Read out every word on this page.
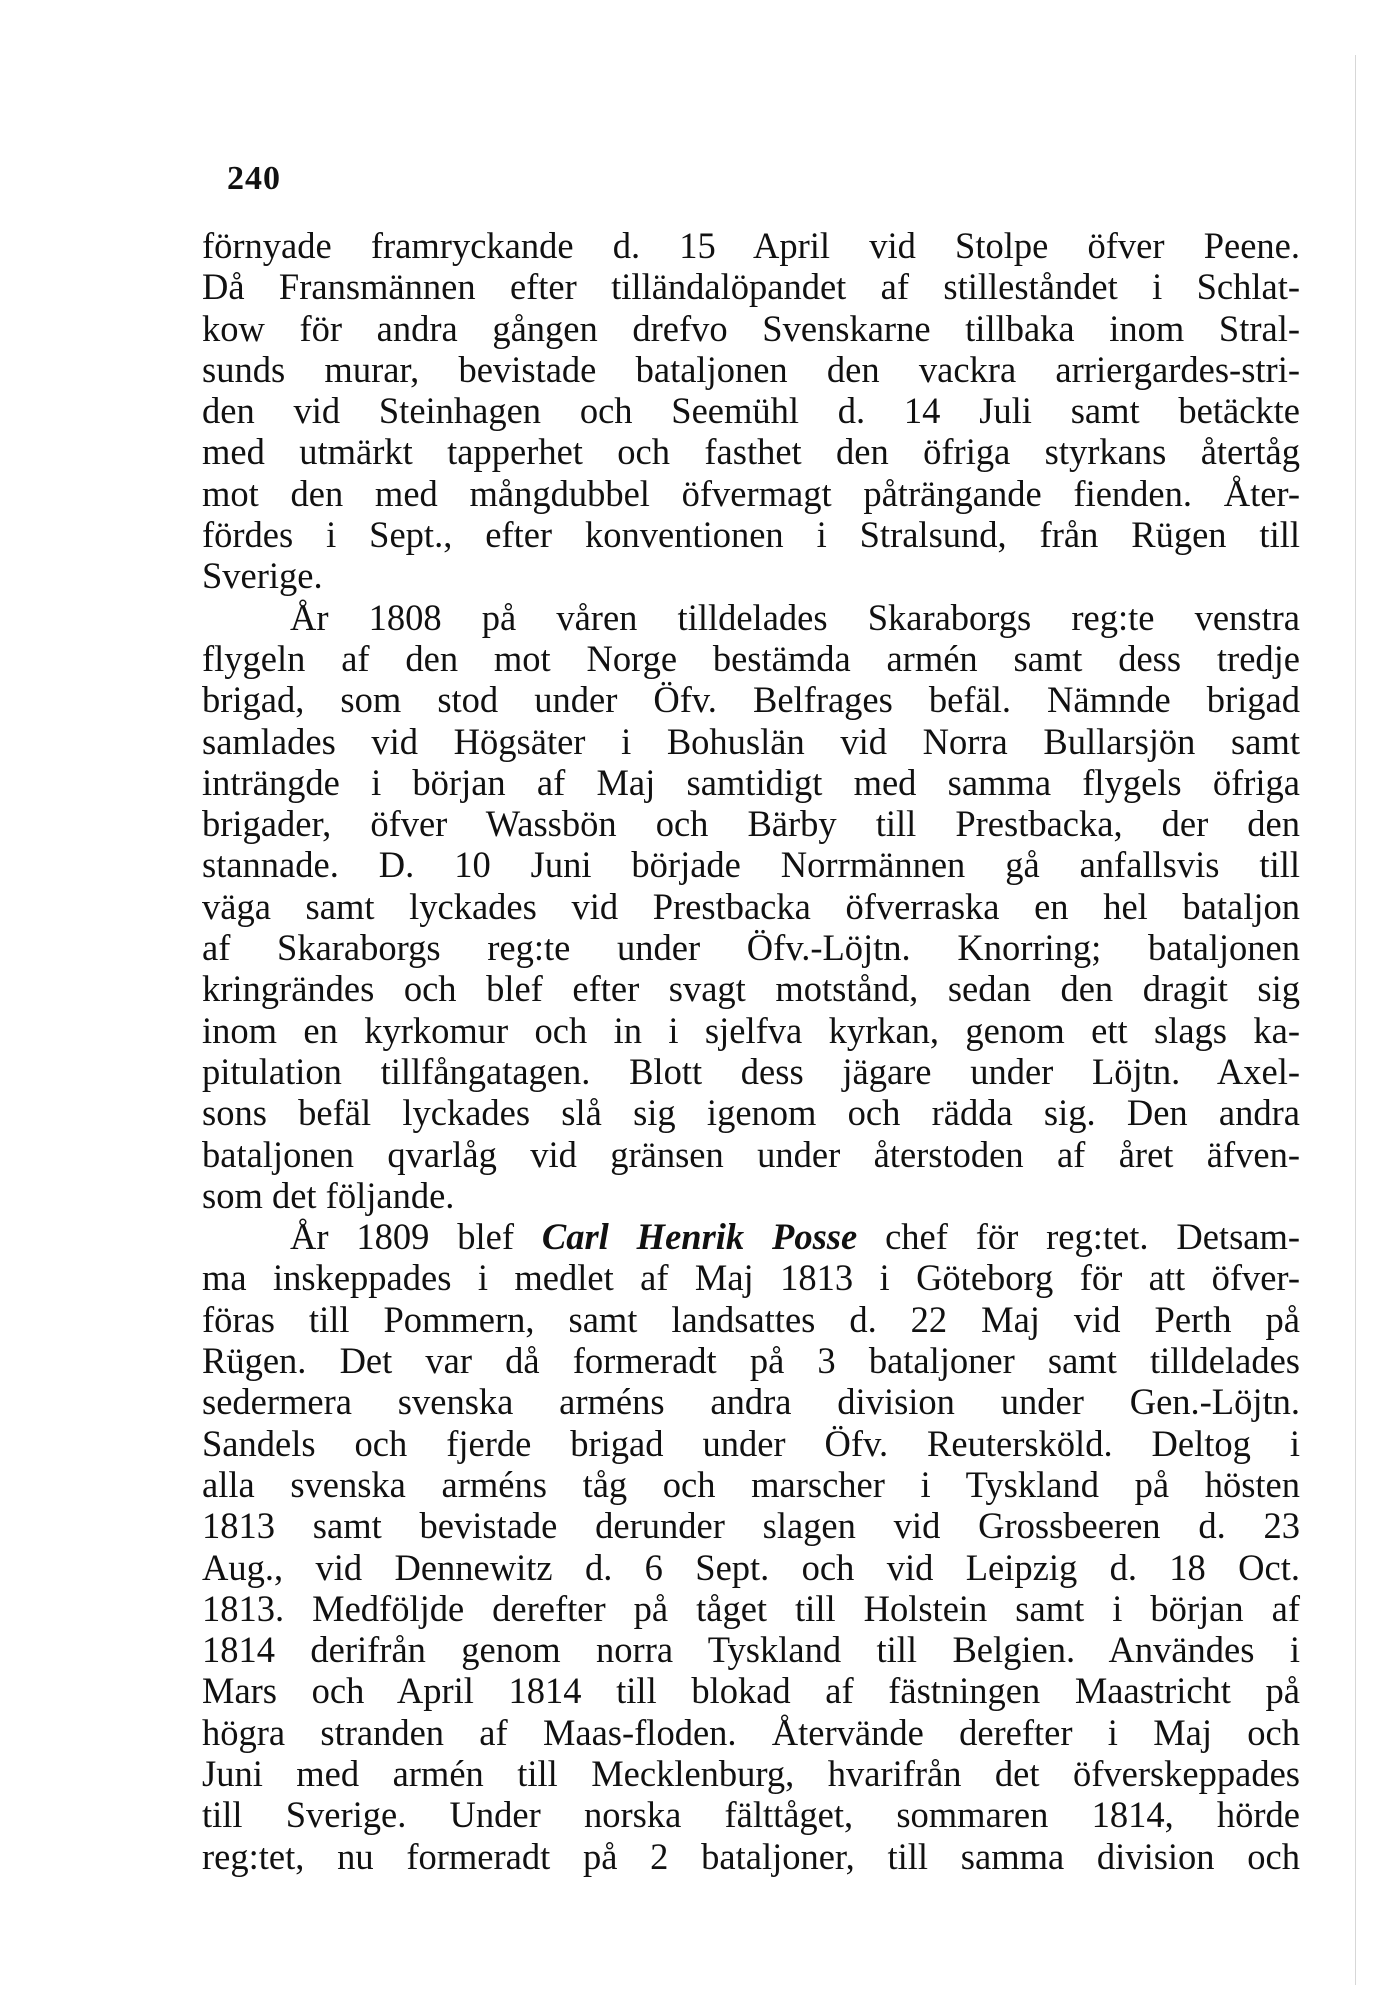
240
förnyade framryckande d. 15 April vid Stolpe öfver Peene.
Då Fransmännen efter tilländalöpandet af stilleståndet i Schlat-
kow för andra gången drefvo Svenskarne tillbaka inom Stral-
sunds murar, bevistade bataljonen den vackra arriergardes-stri-
den vid Steinhagen och Seemühl d. 14 Juli samt betäckte
med utmärkt tapperhet och fasthet den öfriga styrkans återtåg
mot den med mångdubbel öfvermagt påträngande fienden. Åter-
fördes i Sept., efter konventionen i Stralsund, från Rügen till
Sverige.
År 1808 på våren tilldelades Skaraborgs reg:te venstra
flygeln af den mot Norge bestämda armén samt dess tredje
brigad, som stod under Öfv. Belfrages befäl. Nämnde brigad
samlades vid Högsäter i Bohuslän vid Norra Bullarsjön samt
inträngde i början af Maj samtidigt med samma flygels öfriga
brigader, öfver Wassbön och Bärby till Prestbacka, der den
stannade. D. 10 Juni började Norrmännen gå anfallsvis till
väga samt lyckades vid Prestbacka öfverraska en hel bataljon
af Skaraborgs reg:te under Öfv.-Löjtn. Knorring; bataljonen
kringrändes och blef efter svagt motstånd, sedan den dragit sig
inom en kyrkomur och in i sjelfva kyrkan, genom ett slags ka-
pitulation tillfångatagen. Blott dess jägare under Löjtn. Axel-
sons befäl lyckades slå sig igenom och rädda sig. Den andra
bataljonen qvarlåg vid gränsen under återstoden af året äfven-
som det följande.
År 1809 blef Carl Henrik Posse chef för reg:tet. Detsam-
ma inskeppades i medlet af Maj 1813 i Göteborg för att öfver-
föras till Pommern, samt landsattes d. 22 Maj vid Perth på
Rügen. Det var då formeradt på 3 bataljoner samt tilldelades
sedermera svenska arméns andra division under Gen.-Löjtn.
Sandels och fjerde brigad under Öfv. Reutersköld. Deltog i
alla svenska arméns tåg och marscher i Tyskland på hösten
1813 samt bevistade derunder slagen vid Grossbeeren d. 23
Aug., vid Dennewitz d. 6 Sept. och vid Leipzig d. 18 Oct.
1813. Medföljde derefter på tåget till Holstein samt i början af
1814 derifrån genom norra Tyskland till Belgien. Användes i
Mars och April 1814 till blokad af fästningen Maastricht på
högra stranden af Maas-floden. Återvände derefter i Maj och
Juni med armén till Mecklenburg, hvarifrån det öfverskeppades
till Sverige. Under norska fälttåget, sommaren 1814, hörde
reg:tet, nu formeradt på 2 bataljoner, till samma division och
